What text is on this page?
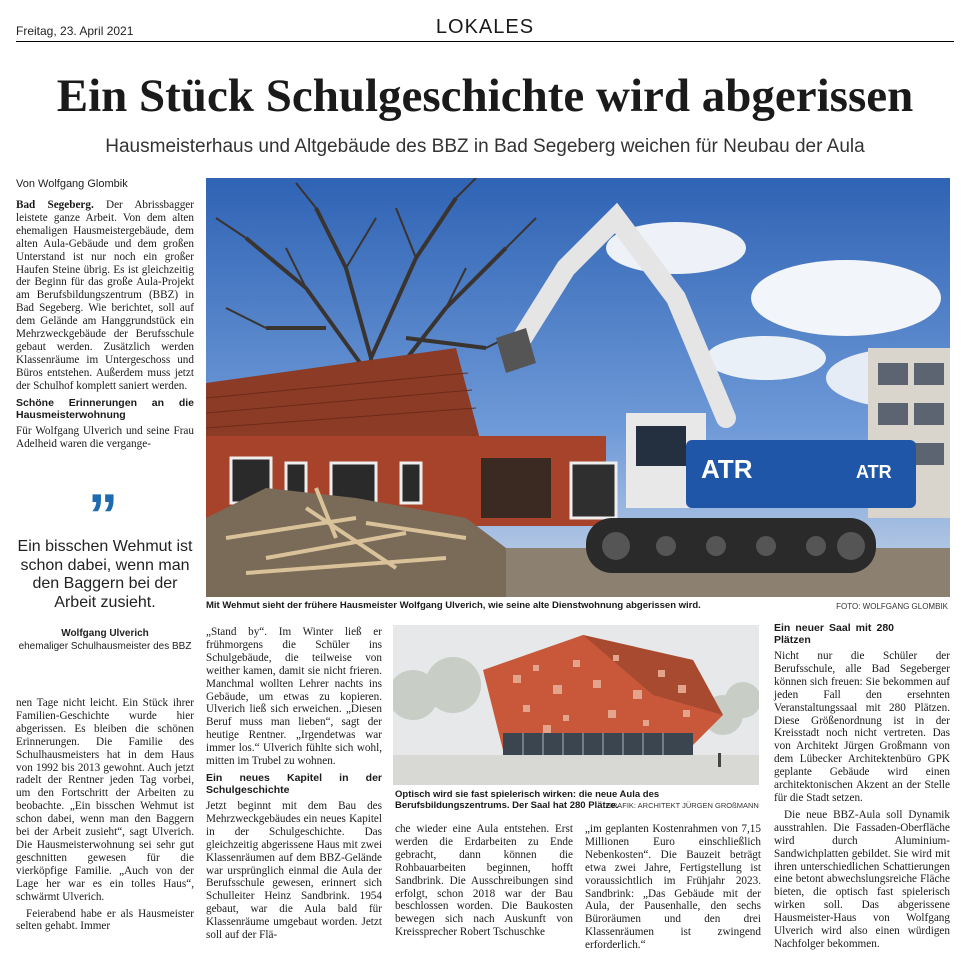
Freitag, 23. April 2021	LOKALES
Ein Stück Schulgeschichte wird abgerissen
Hausmeisterhaus und Altgebäude des BBZ in Bad Segeberg weichen für Neubau der Aula
Von Wolfgang Glombik

Bad Segeberg. Der Abrissbagger leistete ganze Arbeit. Von dem alten ehemaligen Hausmeistergebäude, dem alten Aula-Gebäude und dem großen Unterstand ist nur noch ein großer Haufen Steine übrig. Es ist gleichzeitig der Beginn für das große Aula-Projekt am Berufsbildungszentrum (BBZ) in Bad Segeberg. Wie berichtet, soll auf dem Gelände am Hanggrundstück ein Mehrzweckgebäude der Berufsschule gebaut werden. Zusätzlich werden Klassenräume im Untergeschoss und Büros entstehen. Außerdem muss jetzt der Schulhof komplett saniert werden.

Schöne Erinnerungen an die Hausmeisterwohnung

Für Wolfgang Ulverich und seine Frau Adelheid waren die vergange-

”
Ein bisschen Wehmut ist schon dabei, wenn man den Baggern bei der Arbeit zusieht.
Wolfgang Ulverich
ehemaliger Schulhausmeister des BBZ

nen Tage nicht leicht. Ein Stück ihrer Familien-Geschichte wurde hier abgerissen. Es bleiben die schönen Erinnerungen. Die Familie des Schulhausmeisters hat in dem Haus von 1992 bis 2013 gewohnt. Auch jetzt radelt der Rentner jeden Tag vorbei, um den Fortschritt der Arbeiten zu beobachte. „Ein bisschen Wehmut ist schon dabei, wenn man den Baggern bei der Arbeit zusieht“, sagt Ulverich. Die Hausmeisterwohnung sei sehr gut geschnitten gewesen für die vierköpfige Familie. „Auch von der Lage her war es ein tolles Haus“, schwärmt Ulverich.

Feierabend habe er als Hausmeister selten gehabt. Immer

ATR	ATR
Mit Wehmut sieht der frühere Hausmeister Wolfgang Ulverich, wie seine alte Dienstwohnung abgerissen wird.	FOTO: WOLFGANG GLOMBIK

„Stand by“. Im Winter ließ er frühmorgens die Schüler ins Schulgebäude, die teilweise von weither kamen, damit sie nicht frieren. Manchmal wollten Lehrer nachts ins Gebäude, um etwas zu kopieren. Ulverich ließ sich erweichen. „Diesen Beruf muss man lieben“, sagt der heutige Rentner. „Irgendetwas war immer los.“ Ulverich fühlte sich wohl, mitten im Trubel zu wohnen.

Ein neues Kapitel in der Schulgeschichte

Jetzt beginnt mit dem Bau des Mehrzweckgebäudes ein neues Kapitel in der Schulgeschichte. Das gleichzeitig abgerissene Haus mit zwei Klassenräumen auf dem BBZ-Gelände war ursprünglich einmal die Aula der Berufsschule gewesen, erinnert sich Schulleiter Heinz Sandbrink. 1954 gebaut, war die Aula bald für Klassenräume umgebaut worden. Jetzt soll auf der Flä-

Optisch wird sie fast spielerisch wirken: die neue Aula des Berufsbildungszentrums. Der Saal hat 280 Plätze.
GRAFIK: ARCHITEKT JÜRGEN GROßMANN

che wieder eine Aula entstehen. Erst werden die Erdarbeiten zu Ende gebracht, dann können die Rohbauarbeiten beginnen, hofft Sandbrink. Die Ausschreibungen sind erfolgt, schon 2018 war der Bau beschlossen worden. Die Baukosten bewegen sich nach Auskunft von Kreissprecher Robert Tschuschke

„im geplanten Kostenrahmen von 7,15 Millionen Euro einschließlich Nebenkosten“. Die Bauzeit beträgt etwa zwei Jahre, Fertigstellung ist voraussichtlich im Frühjahr 2023. Sandbrink: „Das Gebäude mit der Aula, der Pausenhalle, den sechs Büroräumen und den drei Klassenräumen ist zwingend erforderlich.“

Ein neuer Saal mit 280 Plätzen

Nicht nur die Schüler der Berufsschule, alle Bad Segeberger können sich freuen: Sie bekommen auf jeden Fall den ersehnten Veranstaltungssaal mit 280 Plätzen. Diese Größenordnung ist in der Kreisstadt noch nicht vertreten. Das von Architekt Jürgen Großmann von dem Lübecker Architektenbüro GPK geplante Gebäude wird einen architektonischen Akzent an der Stelle für die Stadt setzen.

Die neue BBZ-Aula soll Dynamik ausstrahlen. Die Fassaden-Oberfläche wird durch Aluminium-Sandwichplatten gebildet. Sie wird mit ihren unterschiedlichen Schattierungen eine betont abwechslungsreiche Fläche bieten, die optisch fast spielerisch wirken soll. Das abgerissene Hausmeister-Haus von Wolfgang Ulverich wird also einen würdigen Nachfolger bekommen.
